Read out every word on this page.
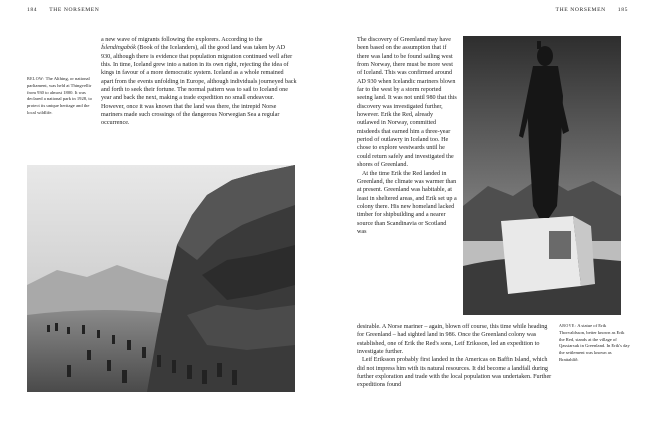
184 THE NORSEMEN
BELOW: The Althing, or national parliament, was held at Thingvellir from 930 to almost 1800. It was declared a national park in 1928, to protect its unique heritage and the local wildlife.

a new wave of migrants following the explorers. According to the Íslendingabók (Book of the Icelanders), all the good land was taken by AD 930, although there is evidence that population migration continued well after this. In time, Iceland grew into a nation in its own right, rejecting the idea of kings in favour of a more democratic system. Iceland as a whole remained apart from the events unfolding in Europe, although individuals journeyed back and forth to seek their fortune. The normal pattern was to sail to Iceland one year and back the next, making a trade expedition no small endeavour. However, once it was known that the land was there, the intrepid Norse mariners made such crossings of the dangerous Norwegian Sea a regular occurrence.

THE NORSEMEN 185

The discovery of Greenland may have been based on the assumption that if there was land to be found sailing west from Norway, there must be more west of Iceland. This was confirmed around AD 930 when Icelandic mariners blown far to the west by a storm reported seeing land. It was not until 980 that this discovery was investigated further, however. Erik the Red, already outlawed in Norway, committed misdeeds that earned him a three-year period of outlawry in Iceland too. He chose to explore westwards until he could return safely and investigated the shores of Greenland.

At the time Erik the Red landed in Greenland, the climate was warmer than at present. Greenland was habitable, at least in sheltered areas, and Erik set up a colony there. His new homeland lacked timber for shipbuilding and a nearer source than Scandinavia or Scotland was

desirable. A Norse mariner – again, blown off course, this time while heading for Greenland – had sighted land in 986. Once the Greenland colony was established, one of Erik the Red's sons, Leif Eriksson, led an expedition to investigate further.

Leif Eriksson probably first landed in the Americas on Baffin Island, which did not impress him with its natural resources. It did become a landfall during further exploration and trade with the local population was undertaken. Further expeditions found

ABOVE: A statue of Erik Thorvaldsson, better known as Erik the Red, stands at the village of Qassiarsuk in Greenland. In Erik's day the settlement was known as Brattahlíð.
